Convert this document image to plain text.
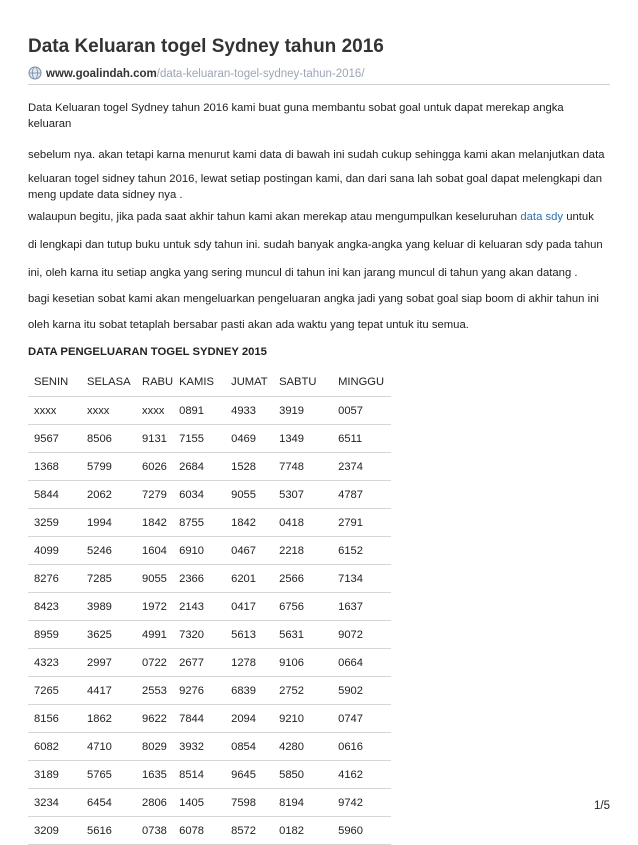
Data Keluaran togel Sydney tahun 2016
www.goalindah.com/data-keluaran-togel-sydney-tahun-2016/

Data Keluaran togel Sydney tahun 2016 kami buat guna membantu sobat goal untuk dapat merekap angka keluaran

sebelum nya. akan tetapi karna menurut kami data di bawah ini sudah cukup sehingga kami akan melanjutkan data

keluaran togel sidney tahun 2016, lewat setiap postingan kami, dan dari sana lah sobat goal dapat melengkapi dan meng update data sidney nya .

walaupun begitu, jika pada saat akhir tahun kami akan merekap atau mengumpulkan keseluruhan data sdy untuk

di lengkapi dan tutup buku untuk sdy tahun ini. sudah banyak angka-angka yang keluar di keluaran sdy pada tahun

ini, oleh karna itu setiap angka yang sering muncul di tahun ini kan jarang muncul di tahun yang akan datang .

bagi kesetian sobat kami akan mengeluarkan pengeluaran angka jadi yang sobat goal siap boom di akhir tahun ini

oleh karna itu sobat tetaplah bersabar pasti akan ada waktu yang tepat untuk itu semua.

DATA PENGELUARAN TOGEL SYDNEY 2015

SENIN	SELASA	RABU	KAMIS	JUMAT	SABTU	MINGGU
xxxx	xxxx	xxxx	0891	4933	3919	0057
9567	8506	9131	7155	0469	1349	6511
1368	5799	6026	2684	1528	7748	2374
5844	2062	7279	6034	9055	5307	4787
3259	1994	1842	8755	1842	0418	2791
4099	5246	1604	6910	0467	2218	6152
8276	7285	9055	2366	6201	2566	7134
8423	3989	1972	2143	0417	6756	1637
8959	3625	4991	7320	5613	5631	9072
4323	2997	0722	2677	1278	9106	0664
7265	4417	2553	9276	6839	2752	5902
8156	1862	9622	7844	2094	9210	0747
6082	4710	8029	3932	0854	4280	0616
3189	5765	1635	8514	9645	5850	4162
3234	6454	2806	1405	7598	8194	9742
3209	5616	0738	6078	8572	0182	5960
1/5
